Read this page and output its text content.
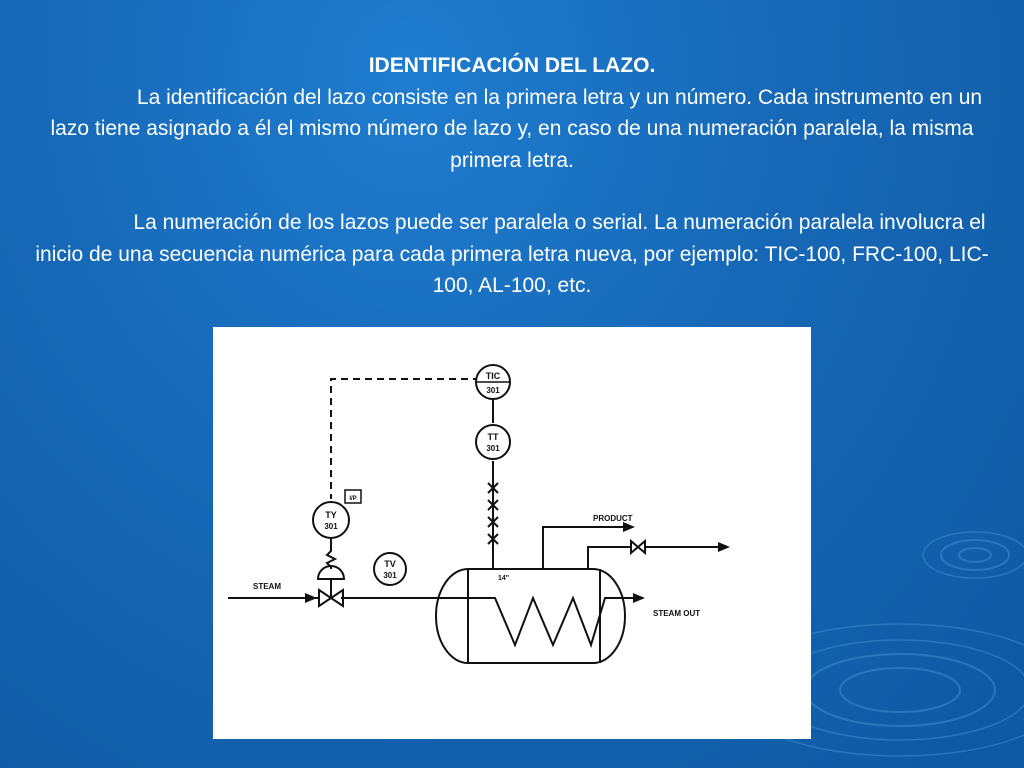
IDENTIFICACIÓN DEL LAZO.

La identificación del lazo consiste en la primera letra y un número. Cada instrumento en un lazo tiene asignado a él el mismo número de lazo y, en caso de una numeración paralela, la misma primera letra.

La numeración de los lazos puede ser paralela o serial. La numeración paralela involucra el inicio de una secuencia numérica para cada primera letra nueva, por ejemplo: TIC-100, FRC-100, LIC-100, AL-100, etc.

TIC
301
TT
301
TY
301
TV
301
I/P
STEAM
STEAM OUT
PRODUCT
14"
